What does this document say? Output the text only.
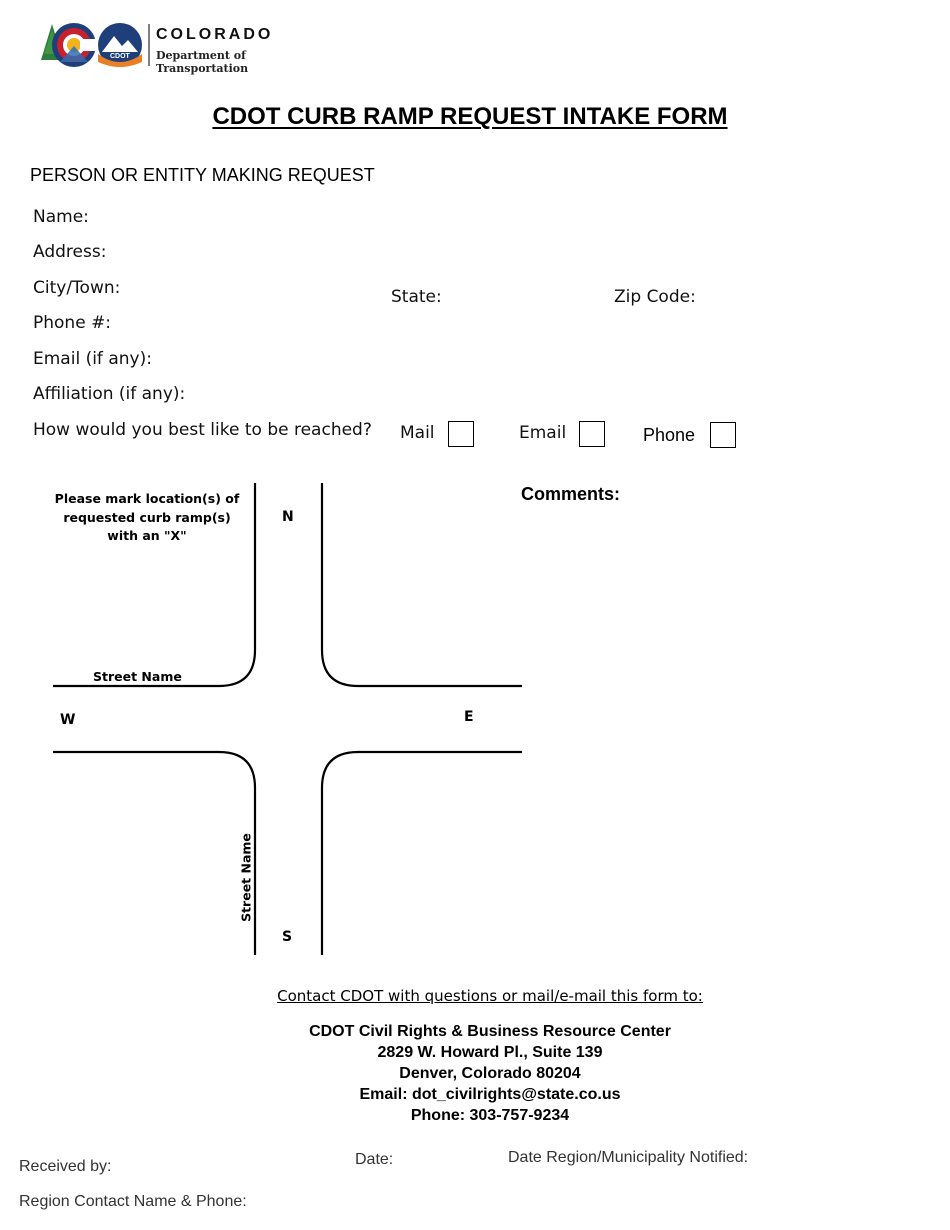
CDOT
COLORADO
Department of Transportation
CDOT CURB RAMP REQUEST INTAKE FORM
PERSON OR ENTITY MAKING REQUEST
Name:
Address:
City/Town:	State:	Zip Code:
Phone #:
Email (if any):
Affiliation (if any):
How would you best like to be reached? Mail	Email	Phone
Please mark location(s) of
requested curb ramp(s)
with an "X"
N
S
E
W
Street Name
Street Name
Comments:
Contact CDOT with questions or mail/e-mail this form to:
CDOT Civil Rights & Business Resource Center
2829 W. Howard Pl., Suite 139
Denver, Colorado 80204
Email: dot_civilrights@state.co.us
Phone: 303-757-9234
Received by:	Date:	Date Region/Municipality Notified:
Region Contact Name & Phone:
